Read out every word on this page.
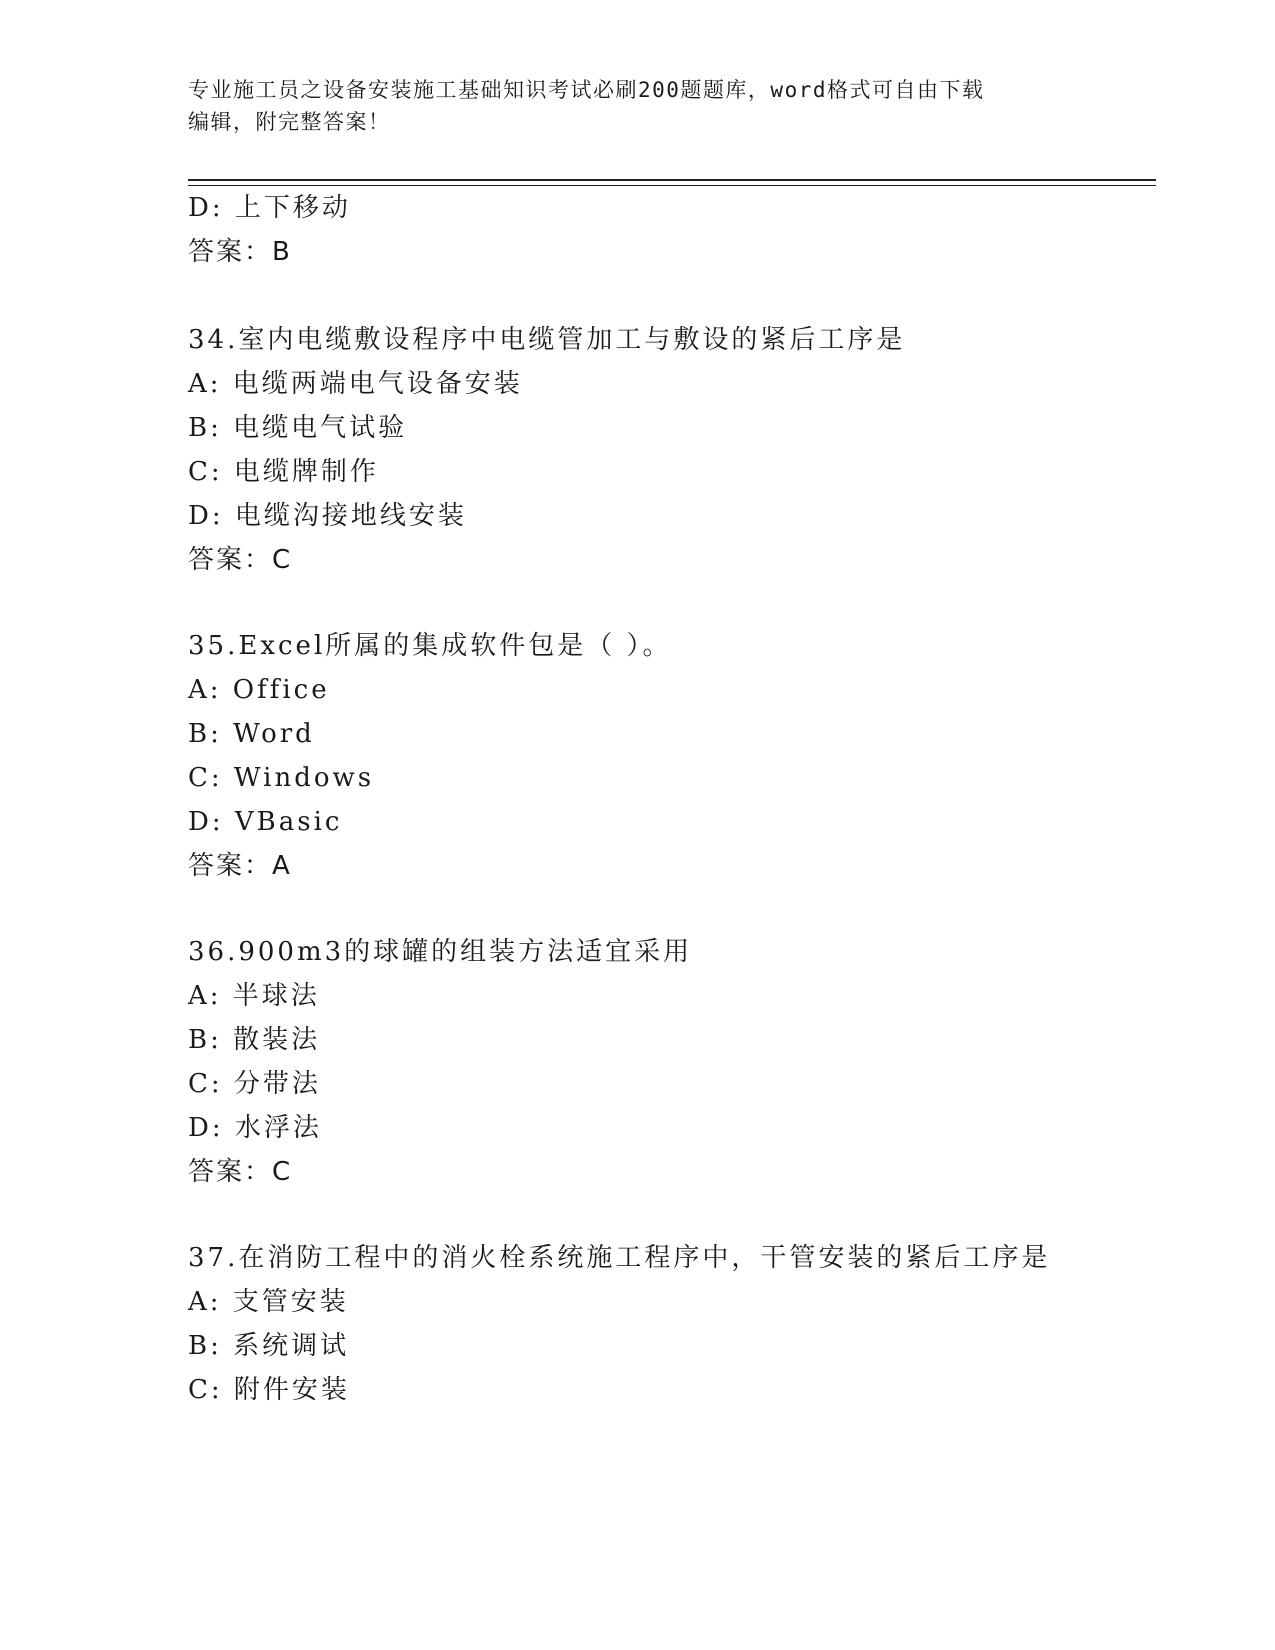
专业施工员之设备安装施工基础知识考试必刷200题题库，word格式可自由下载
编辑，附完整答案！
D: 上下移动
答案：B
34.室内电缆敷设程序中电缆管加工与敷设的紧后工序是
A: 电缆两端电气设备安装
B: 电缆电气试验
C: 电缆牌制作
D: 电缆沟接地线安装
答案：C
35.Excel所属的集成软件包是（ ）。
A: Office
B: Word
C: Windows
D: VBasic
答案：A
36.900m3的球罐的组装方法适宜采用
A: 半球法
B: 散装法
C: 分带法
D: 水浮法
答案：C
37.在消防工程中的消火栓系统施工程序中，干管安装的紧后工序是
A: 支管安装
B: 系统调试
C: 附件安装
